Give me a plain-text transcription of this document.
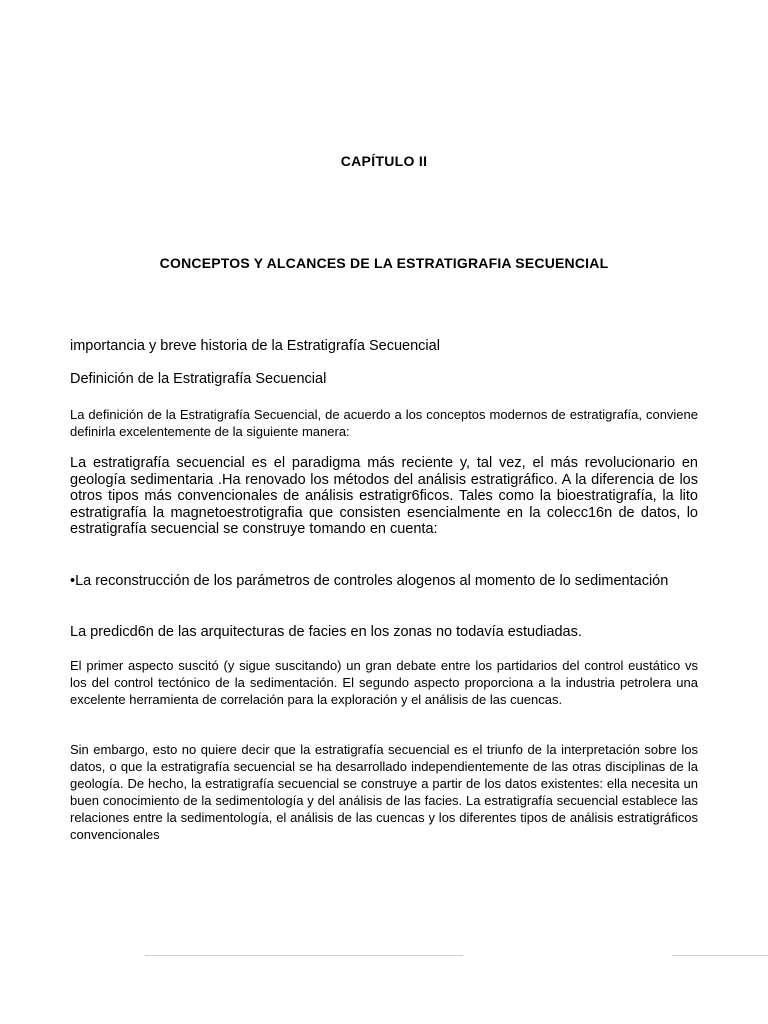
CAPÍTULO II
CONCEPTOS Y ALCANCES DE LA ESTRATIGRAFIA SECUENCIAL
importancia y breve historia de la Estratigrafía Secuencial
Definición de la Estratigrafía Secuencial

La definición de la Estratigrafía Secuencial, de acuerdo a los conceptos modernos de estratigrafía, conviene definirla excelentemente de la siguiente manera:

La estratigrafía secuencial es el paradigma más reciente y, tal vez, el más revolucionario en geología sedimentaria .Ha renovado los métodos del análisis estratigráfico. A la diferencia de los otros tipos más convencionales de análisis estratigr6ficos. Tales como la bioestratigrafía, la lito estratigrafía la magnetoestrotigrafia que consisten esencialmente en la colecc16n de datos, lo estratigrafía secuencial se construye tomando en cuenta:

•La reconstrucción de los parámetros de controles alogenos al momento de lo sedimentación

La predicd6n de las arquitecturas de facies en los zonas no todavía estudiadas.

El primer aspecto suscitó (y sigue suscitando) un gran debate entre los partidarios del control eustático vs los del control tectónico de la sedimentación. El segundo aspecto proporciona a la industria petrolera una excelente herramienta de correlación para la exploración y el análisis de las cuencas.

Sin embargo, esto no quiere decir que la estratigrafía secuencial es el triunfo de la interpretación sobre los datos, o que la estratigrafía secuencial se ha desarrollado independientemente de las otras disciplinas de la geología. De hecho, la estratigrafía secuencial se construye a partir de los datos existentes: ella necesita un buen conocimiento de la sedimentología y del análisis de las facies. La estratigrafía secuencial establece las relaciones entre la sedimentología, el análisis de las cuencas y los diferentes tipos de análisis estratigráficos convencionales
